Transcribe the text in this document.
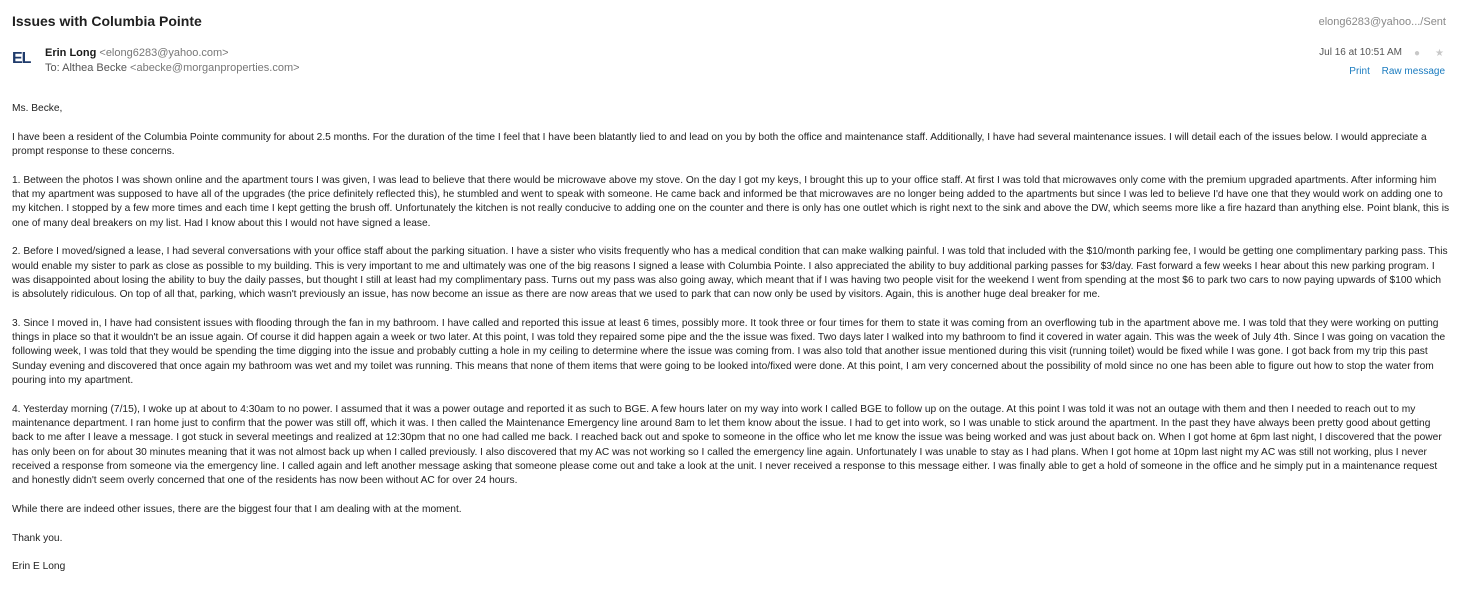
Issues with Columbia Pointe	elong6283@yahoo.../Sent
EL	Erin Long <elong6283@yahoo.com>
To: Althea Becke <abecke@morganproperties.com>
Jul 16 at 10:51 AM ● ★
Print Raw message

Ms. Becke,

I have been a resident of the Columbia Pointe community for about 2.5 months. For the duration of the time I feel that I have been blatantly lied to and lead on you by both the office and maintenance staff. Additionally, I have had several maintenance issues. I will detail each of the issues below. I would appreciate a prompt response to these concerns.

1. Between the photos I was shown online and the apartment tours I was given, I was lead to believe that there would be microwave above my stove. On the day I got my keys, I brought this up to your office staff. At first I was told that microwaves only come with the premium upgraded apartments. After informing him that my apartment was supposed to have all of the upgrades (the price definitely reflected this), he stumbled and went to speak with someone. He came back and informed be that microwaves are no longer being added to the apartments but since I was led to believe I'd have one that they would work on adding one to my kitchen. I stopped by a few more times and each time I kept getting the brush off. Unfortunately the kitchen is not really conducive to adding one on the counter and there is only has one outlet which is right next to the sink and above the DW, which seems more like a fire hazard than anything else. Point blank, this is one of many deal breakers on my list. Had I know about this I would not have signed a lease.

2. Before I moved/signed a lease, I had several conversations with your office staff about the parking situation. I have a sister who visits frequently who has a medical condition that can make walking painful. I was told that included with the $10/month parking fee, I would be getting one complimentary parking pass. This would enable my sister to park as close as possible to my building. This is very important to me and ultimately was one of the big reasons I signed a lease with Columbia Pointe. I also appreciated the ability to buy additional parking passes for $3/day. Fast forward a few weeks I hear about this new parking program. I was disappointed about losing the ability to buy the daily passes, but thought I still at least had my complimentary pass. Turns out my pass was also going away, which meant that if I was having two people visit for the weekend I went from spending at the most $6 to park two cars to now paying upwards of $100 which is absolutely ridiculous. On top of all that, parking, which wasn't previously an issue, has now become an issue as there are now areas that we used to park that can now only be used by visitors. Again, this is another huge deal breaker for me.

3. Since I moved in, I have had consistent issues with flooding through the fan in my bathroom. I have called and reported this issue at least 6 times, possibly more. It took three or four times for them to state it was coming from an overflowing tub in the apartment above me. I was told that they were working on putting things in place so that it wouldn't be an issue again. Of course it did happen again a week or two later. At this point, I was told they repaired some pipe and the the issue was fixed. Two days later I walked into my bathroom to find it covered in water again. This was the week of July 4th. Since I was going on vacation the following week, I was told that they would be spending the time digging into the issue and probably cutting a hole in my ceiling to determine where the issue was coming from. I was also told that another issue mentioned during this visit (running toilet) would be fixed while I was gone. I got back from my trip this past Sunday evening and discovered that once again my bathroom was wet and my toilet was running. This means that none of them items that were going to be looked into/fixed were done. At this point, I am very concerned about the possibility of mold since no one has been able to figure out how to stop the water from pouring into my apartment.

4. Yesterday morning (7/15), I woke up at about to 4:30am to no power. I assumed that it was a power outage and reported it as such to BGE. A few hours later on my way into work I called BGE to follow up on the outage. At this point I was told it was not an outage with them and then I needed to reach out to my maintenance department. I ran home just to confirm that the power was still off, which it was. I then called the Maintenance Emergency line around 8am to let them know about the issue. I had to get into work, so I was unable to stick around the apartment. In the past they have always been pretty good about getting back to me after I leave a message. I got stuck in several meetings and realized at 12:30pm that no one had called me back. I reached back out and spoke to someone in the office who let me know the issue was being worked and was just about back on. When I got home at 6pm last night, I discovered that the power has only been on for about 30 minutes meaning that it was not almost back up when I called previously. I also discovered that my AC was not working so I called the emergency line again. Unfortunately I was unable to stay as I had plans. When I got home at 10pm last night my AC was still not working, plus I never received a response from someone via the emergency line. I called again and left another message asking that someone please come out and take a look at the unit. I never received a response to this message either. I was finally able to get a hold of someone in the office and he simply put in a maintenance request and honestly didn't seem overly concerned that one of the residents has now been without AC for over 24 hours.

While there are indeed other issues, there are the biggest four that I am dealing with at the moment.

Thank you.

Erin E Long
